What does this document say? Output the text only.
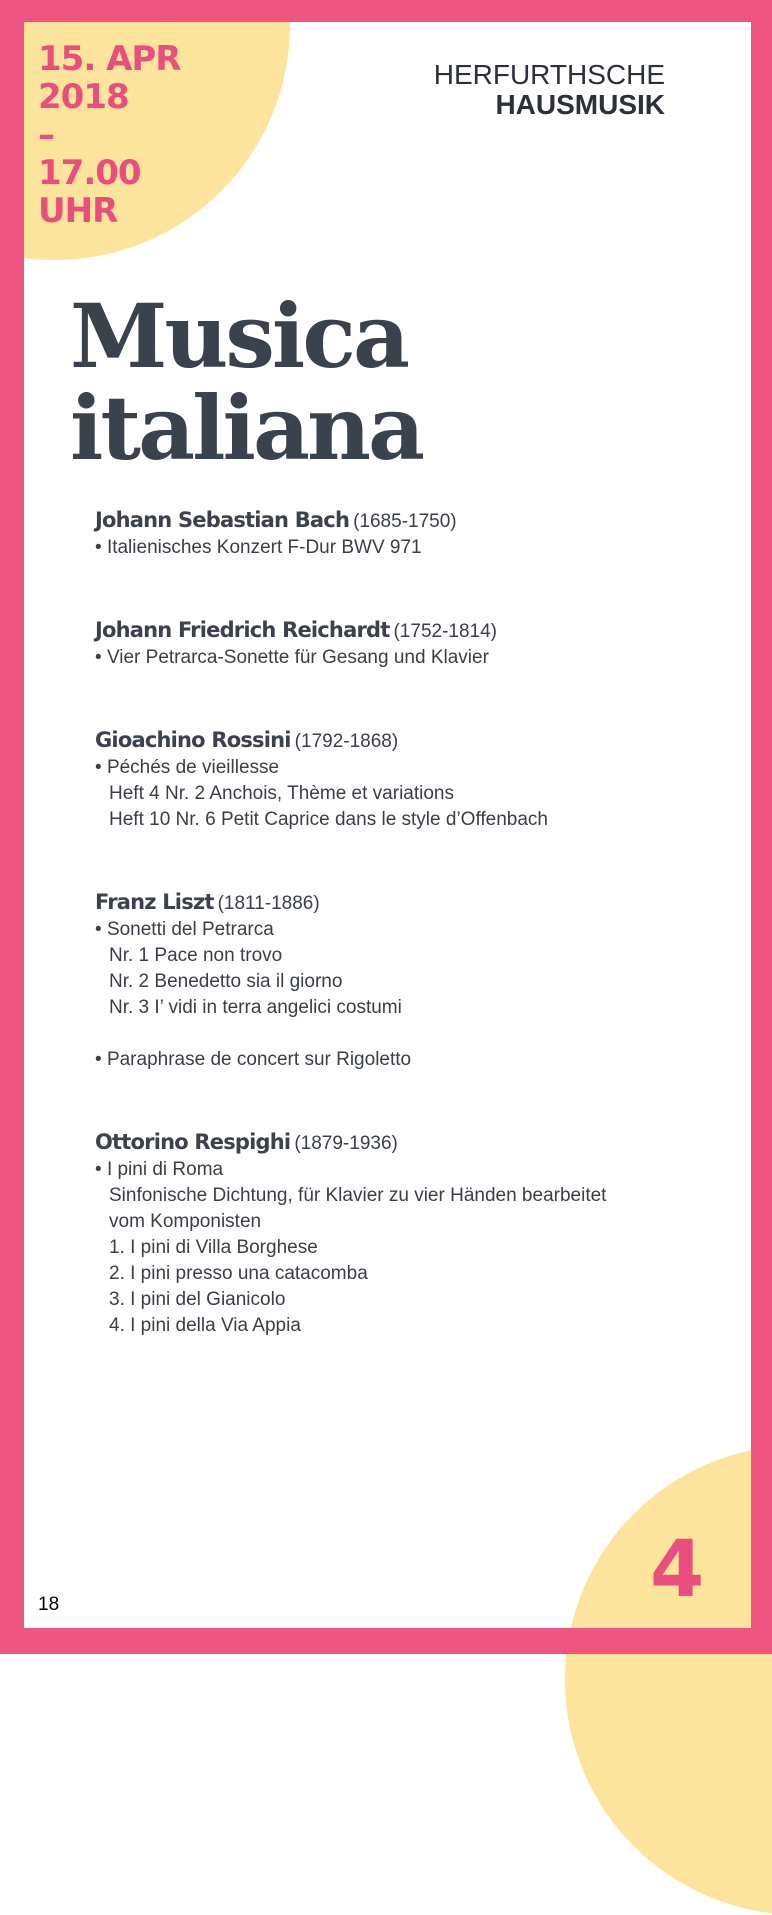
15. APR
2018
–
17.00
UHR
HERFURTHSCHE
HAUSMUSIK
Musica
italiana
Johann Sebastian Bach (1685-1750)
• Italienisches Konzert F-Dur BWV 971
Johann Friedrich Reichardt (1752-1814)
• Vier Petrarca-Sonette für Gesang und Klavier
Gioachino Rossini (1792-1868)
• Péchés de vieillesse
Heft 4 Nr. 2 Anchois, Thème et variations
Heft 10 Nr. 6 Petit Caprice dans le style d’Offenbach
Franz Liszt (1811-1886)
• Sonetti del Petrarca
Nr. 1 Pace non trovo
Nr. 2 Benedetto sia il giorno
Nr. 3 I’ vidi in terra angelici costumi
• Paraphrase de concert sur Rigoletto
Ottorino Respighi (1879-1936)
• I pini di Roma
Sinfonische Dichtung, für Klavier zu vier Händen bearbeitet
vom Komponisten
1. I pini di Villa Borghese
2. I pini presso una catacomba
3. I pini del Gianicolo
4. I pini della Via Appia
18	4
